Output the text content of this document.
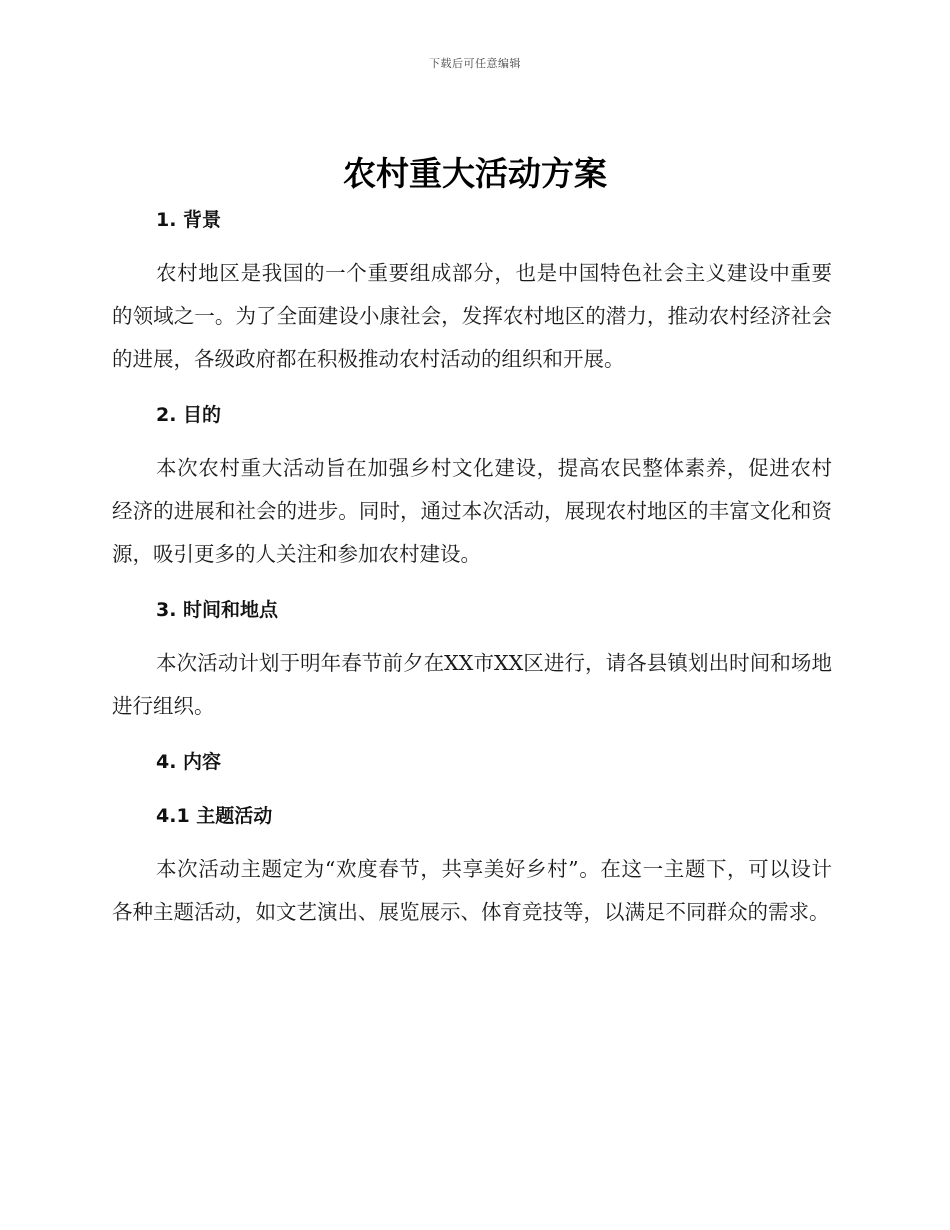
下载后可任意编辑
农村重大活动方案
1. 背景

农村地区是我国的一个重要组成部分，也是中国特色社会主义建设中重要的领域之一。为了全面建设小康社会，发挥农村地区的潜力，推动农村经济社会的进展，各级政府都在积极推动农村活动的组织和开展。

2. 目的

本次农村重大活动旨在加强乡村文化建设，提高农民整体素养，促进农村经济的进展和社会的进步。同时，通过本次活动，展现农村地区的丰富文化和资源，吸引更多的人关注和参加农村建设。

3. 时间和地点

本次活动计划于明年春节前夕在XX市XX区进行，请各县镇划出时间和场地进行组织。

4. 内容
4.1 主题活动

本次活动主题定为“欢度春节，共享美好乡村”。在这一主题下，可以设计各种主题活动，如文艺演出、展览展示、体育竞技等，以满足不同群众的需求。
